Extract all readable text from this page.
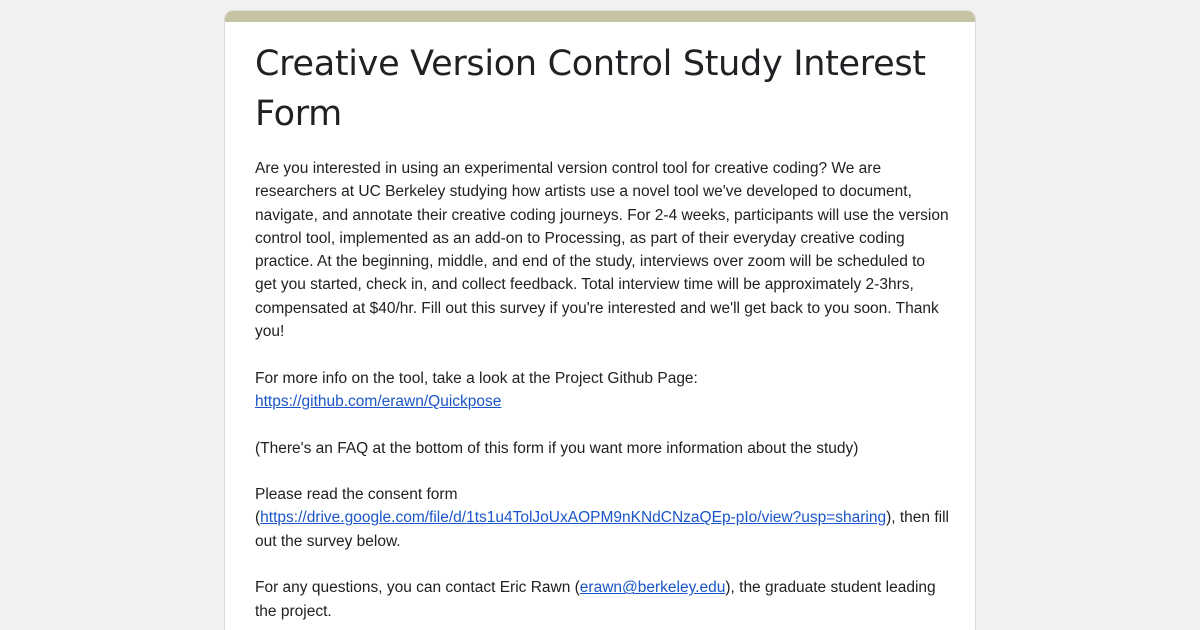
Creative Version Control Study Interest Form

Are you interested in using an experimental version control tool for creative coding? We are researchers at UC Berkeley studying how artists use a novel tool we've developed to document, navigate, and annotate their creative coding journeys. For 2-4 weeks, participants will use the version control tool, implemented as an add-on to Processing, as part of their everyday creative coding practice. At the beginning, middle, and end of the study, interviews over zoom will be scheduled to get you started, check in, and collect feedback. Total interview time will be approximately 2-3hrs, compensated at $40/hr. Fill out this survey if you're interested and we'll get back to you soon. Thank you!

For more info on the tool, take a look at the Project Github Page:
https://github.com/erawn/Quickpose

(There's an FAQ at the bottom of this form if you want more information about the study)

Please read the consent form
(https://drive.google.com/file/d/1ts1u4TolJoUxAOPM9nKNdCNzaQEp-pIo/view?usp=sharing), then fill out the survey below.

For any questions, you can contact Eric Rawn (erawn@berkeley.edu), the graduate student leading the project.
